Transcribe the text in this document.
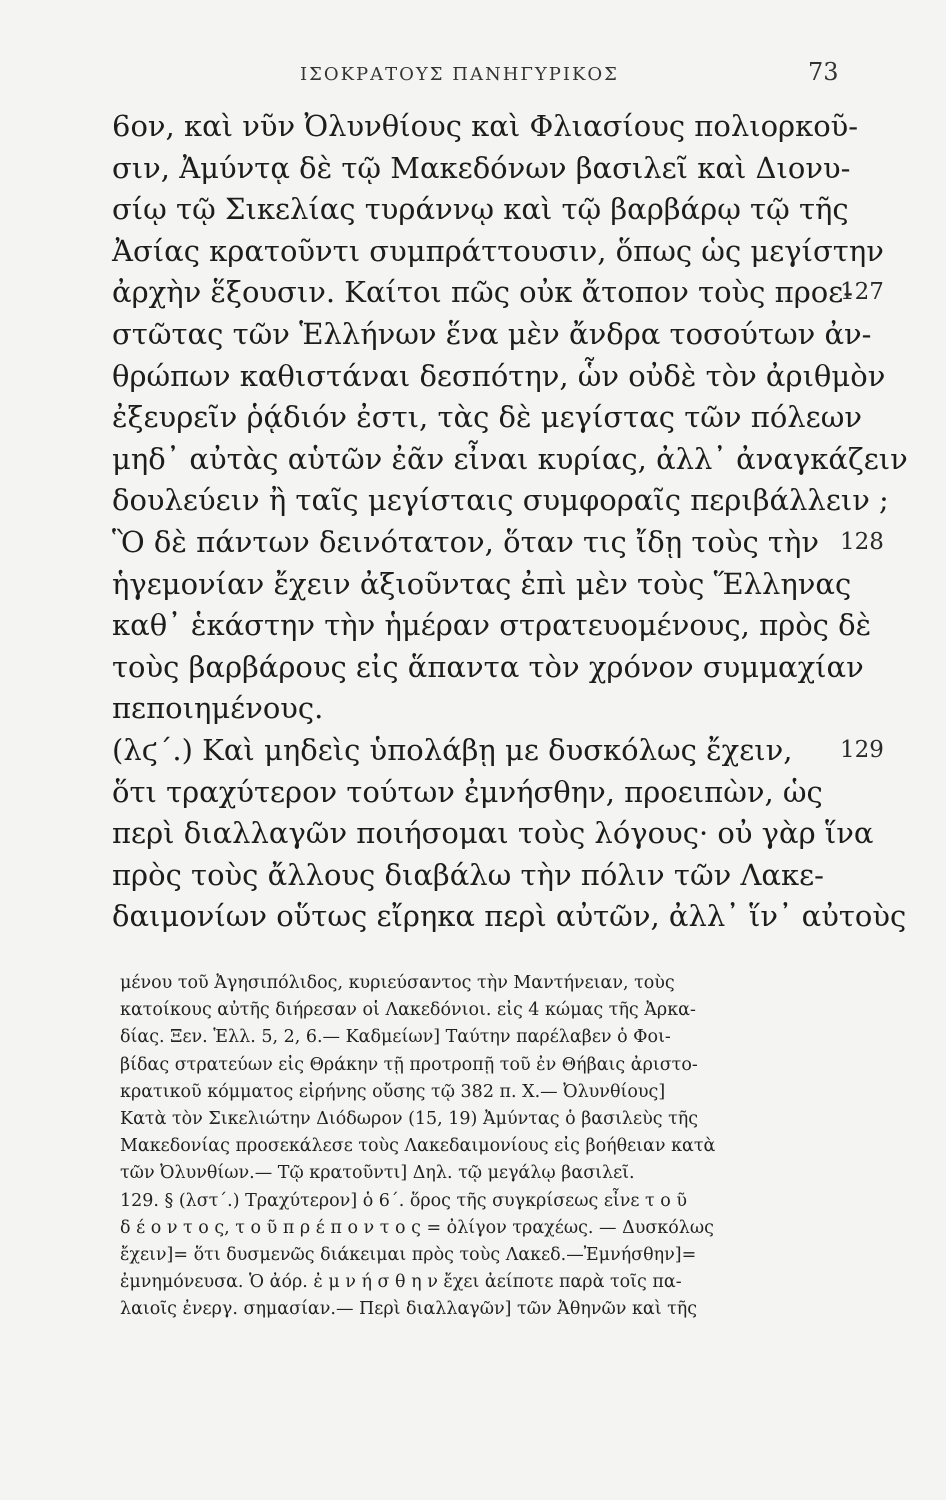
ΙΣΟΚΡΑΤΟΥΣ ΠΑΝΗΓΥΡΙΚΟΣ	73
6ον, καὶ νῦν Ὀλυνθίους καὶ Φλιασίους πολιορκοῦ-
σιν, Ἀμύντᾳ δὲ τῷ Μακεδόνων βασιλεῖ καὶ Διονυ-
σίῳ τῷ Σικελίας τυράννῳ καὶ τῷ βαρβάρῳ τῷ τῆς
Ἀσίας κρατοῦντι συμπράττουσιν, ὅπως ὡς μεγίστην
ἀρχὴν ἕξουσιν. Καίτοι πῶς οὐκ ἄτοπον τοὺς προε-
127
στῶτας τῶν Ἑλλήνων ἕνα μὲν ἄνδρα τοσούτων ἀν-
θρώπων καθιστάναι δεσπότην, ὧν οὐδὲ τὸν ἀριθμὸν
ἐξευρεῖν ῥᾴδιόν ἐστι, τὰς δὲ μεγίστας τῶν πόλεων
μηδ᾽ αὐτὰς αὑτῶν ἐᾶν εἶναι κυρίας, ἀλλ᾽ ἀναγκάζειν
δουλεύειν ἢ ταῖς μεγίσταις συμφοραῖς περιβάλλειν ;
Ὃ δὲ πάντων δεινότατον, ὅταν τις ἴδῃ τοὺς τὴν 128
ἡγεμονίαν ἔχειν ἀξιοῦντας ἐπὶ μὲν τοὺς Ἕλληνας
καθ᾽ ἑκάστην τὴν ἡμέραν στρατευομένους, πρὸς δὲ
τοὺς βαρβάρους εἰς ἅπαντα τὸν χρόνον συμμαχίαν
πεποιημένους.
(λϛ΄.) Καὶ μηδεὶς ὑπολάβῃ με δυσκόλως ἔχειν, 129
ὅτι τραχύτερον τούτων ἐμνήσθην, προειπὼν, ὡς
περὶ διαλλαγῶν ποιήσομαι τοὺς λόγους· οὐ γὰρ ἵνα
πρὸς τοὺς ἄλλους διαβάλω τὴν πόλιν τῶν Λακε-
δαιμονίων οὕτως εἴρηκα περὶ αὐτῶν, ἀλλ᾽ ἵν᾽ αὐτοὺς
μένου τοῦ Ἀγησιπόλιδος, κυριεύσαντος τὴν Μαντήνειαν, τοὺς
κατοίκους αὐτῆς διήρεσαν οἱ Λακεδόνιοι. εἰς 4 κώμας τῆς Ἀρκα-
δίας. Ξεν. Ἑλλ. 5, 2, 6.— Καδμείων] Ταύτην παρέλαβεν ὁ Φοι-
βίδας στρατεύων εἰς Θράκην τῇ προτροπῇ τοῦ ἐν Θήβαις ἀριστο-
κρατικοῦ κόμματος εἰρήνης οὔσης τῷ 382 π. Χ.— Ὀλυνθίους]
Κατὰ τὸν Σικελιώτην Διόδωρον (15, 19) Ἀμύντας ὁ βασιλεὺς τῆς
Μακεδονίας προσεκάλεσε τοὺς Λακεδαιμονίους εἰς βοήθειαν κατὰ
τῶν Ὀλυνθίων.— Τῷ κρατοῦντι] Δηλ. τῷ μεγάλῳ βασιλεῖ.
129. § (λστ΄.) Τραχύτερον] ὁ 6΄. ὅρος τῆς συγκρίσεως εἶνε τ ο ῦ
δ έ ο ν τ ο ς, τ ο ῦ π ρ έ π ο ν τ ο ς = ὀλίγον τραχέως. — Δυσκόλως
ἔχειν]= ὅτι δυσμενῶς διάκειμαι πρὸς τοὺς Λακεδ.—Ἐμνήσθην]=
ἐμνημόνευσα. Ὁ ἀόρ. ἐ μ ν ή σ θ η ν ἔχει ἀείποτε παρὰ τοῖς πα-
λαιοῖς ἐνεργ. σημασίαν.— Περὶ διαλλαγῶν] τῶν Ἀθηνῶν καὶ τῆς
